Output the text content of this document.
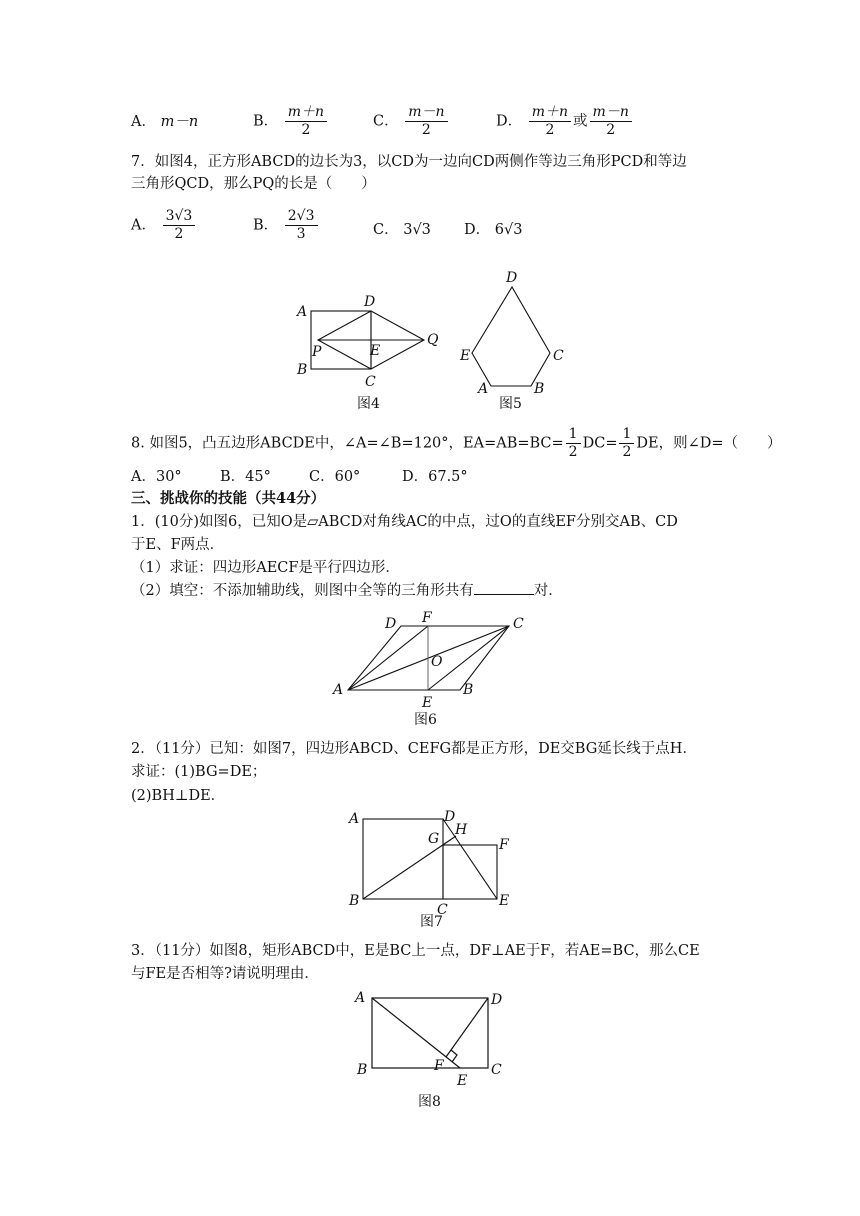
A． m－n	B． $\frac{m+n}{2}$	C． $\frac{m-n}{2}$	D． $\frac{m+n}{2}$ 或 $\frac{m-n}{2}$
7．如图4，正方形ABCD的边长为3，以CD为一边向CD两侧作等边三角形PCD和等边
三角形QCD，那么PQ的长是（　　）
A． $\frac{3√3}{2}$	B． $\frac{2√3}{3}$	C． 3√3 D． 6√3
A
B
C
D
P	E
Q
图4
A	B
C
D
E
图5
8. 如图5，凸五边形ABCDE中，∠A=∠B=120°，$EA=AB=BC= \frac{1}{2} DC= \frac{1}{2}$ DE，则∠D=（　　）
A．30°	B．45°	C．60°	D．67.5°
三、挑战你的技能（共44分）
1．(10分)如图6，已知O是▱ABCD对角线AC的中点，过O的直线EF分别交AB、CD
于E、F两点．
（1）求证：四边形AECF是平行四边形．
（2）填空：不添加辅助线，则图中全等的三角形共有	对．
A	B
C
D
E
F
O
图6
2．（11分）已知：如图7，四边形ABCD、CEFG都是正方形，DE交BG延长线于点H．
求证：(1)BG=DE；
(2)BH⊥DE．
A
B
C
D
E
F
G
H
图7
3．（11分）如图8，矩形ABCD中，E是BC上一点，DF⊥AE于F，若AE=BC，那么CE
与FE是否相等?请说明理由．
A
B	C
D
E
F
图8
